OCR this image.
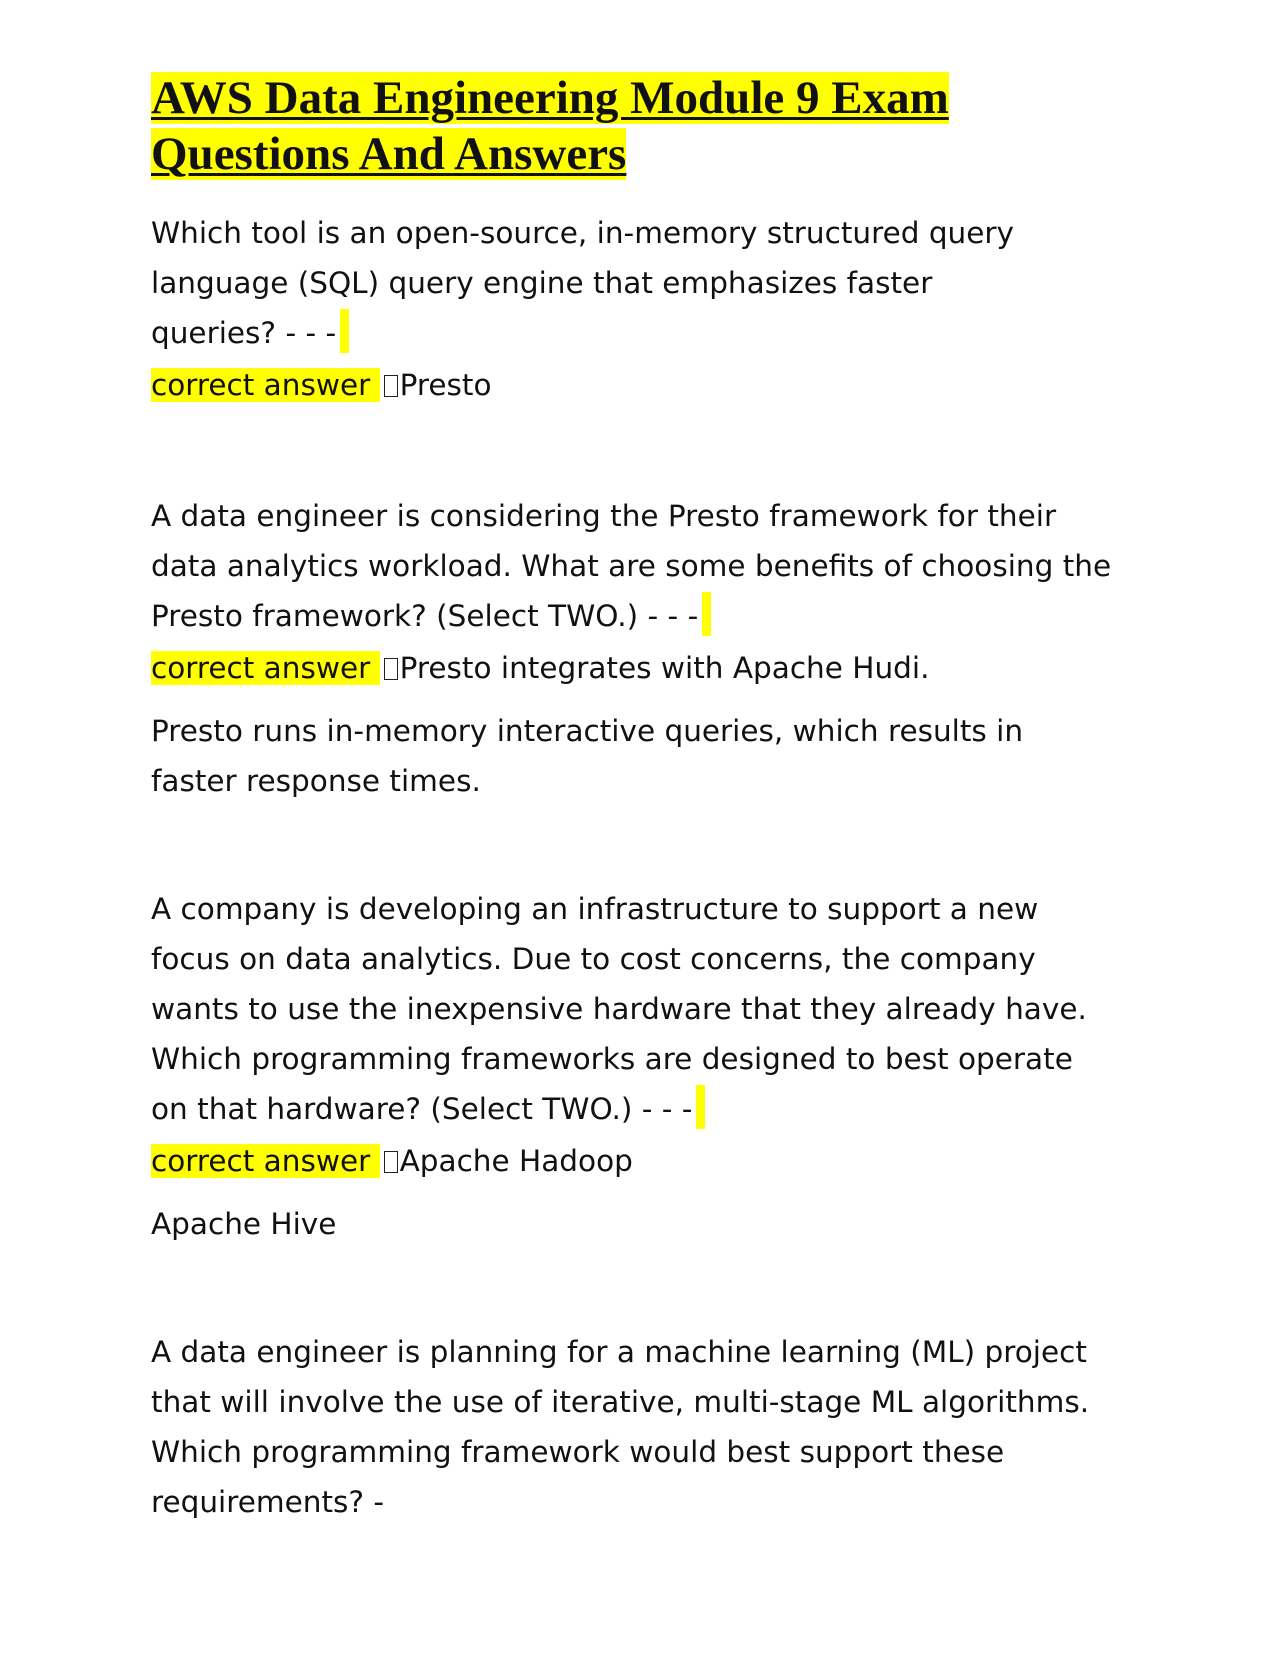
AWS Data Engineering Module 9 Exam
Questions And Answers

Which tool is an open-source, in-memory structured query language (SQL) query engine that emphasizes faster queries? - - -

correct answer Presto

A data engineer is considering the Presto framework for their data analytics workload. What are some benefits of choosing the Presto framework? (Select TWO.) - - -

correct answer Presto integrates with Apache Hudi.

Presto runs in-memory interactive queries, which results in faster response times.

A company is developing an infrastructure to support a new focus on data analytics. Due to cost concerns, the company wants to use the inexpensive hardware that they already have. Which programming frameworks are designed to best operate on that hardware? (Select TWO.) - - -

correct answer Apache Hadoop

Apache Hive

A data engineer is planning for a machine learning (ML) project that will involve the use of iterative, multi-stage ML algorithms. Which programming framework would best support these requirements? -
